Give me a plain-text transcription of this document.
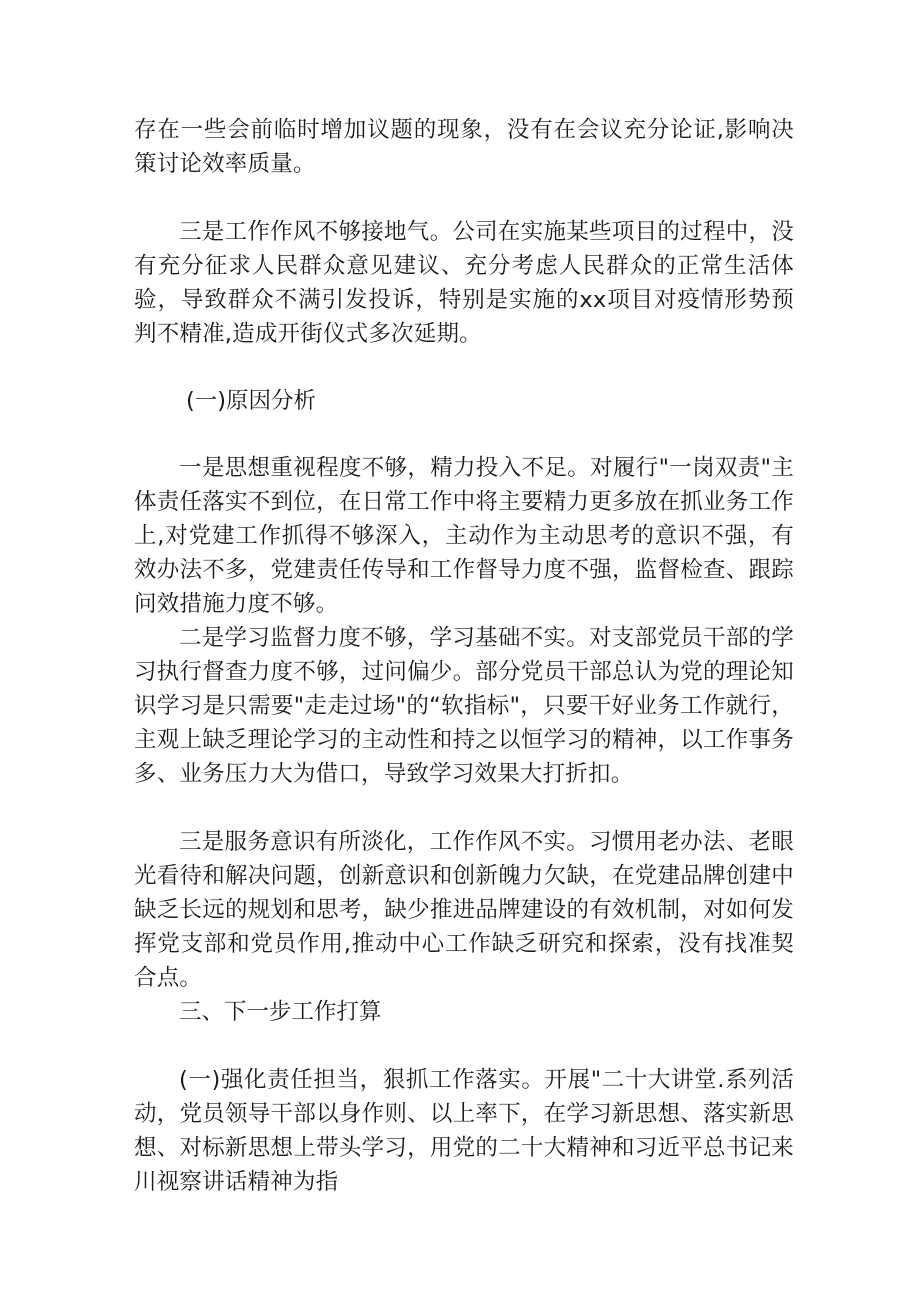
存在一些会前临时增加议题的现象，没有在会议充分论证,影响决策讨论效率质量。

三是工作作风不够接地气。公司在实施某些项目的过程中，没有充分征求人民群众意见建议、充分考虑人民群众的正常生活体验，导致群众不满引发投诉，特别是实施的xx项目对疫情形势预判不精准,造成开街仪式多次延期。

(一)原因分析

一是思想重视程度不够，精力投入不足。对履行"一岗双责"主体责任落实不到位，在日常工作中将主要精力更多放在抓业务工作上,对党建工作抓得不够深入，主动作为主动思考的意识不强，有效办法不多，党建责任传导和工作督导力度不强，监督检查、跟踪问效措施力度不够。

二是学习监督力度不够，学习基础不实。对支部党员干部的学习执行督查力度不够，过问偏少。部分党员干部总认为党的理论知识学习是只需要"走走过场"的“软指标"，只要干好业务工作就行，主观上缺乏理论学习的主动性和持之以恒学习的精神，以工作事务多、业务压力大为借口，导致学习效果大打折扣。

三是服务意识有所淡化，工作作风不实。习惯用老办法、老眼光看待和解决问题，创新意识和创新魄力欠缺，在党建品牌创建中缺乏长远的规划和思考，缺少推进品牌建设的有效机制，对如何发挥党支部和党员作用,推动中心工作缺乏研究和探索，没有找准契合点。

三、下一步工作打算

(一)强化责任担当，狠抓工作落实。开展"二十大讲堂.系列活动，党员领导干部以身作则、以上率下，在学习新思想、落实新思想、对标新思想上带头学习，用党的二十大精神和习近平总书记来川视察讲话精神为指
